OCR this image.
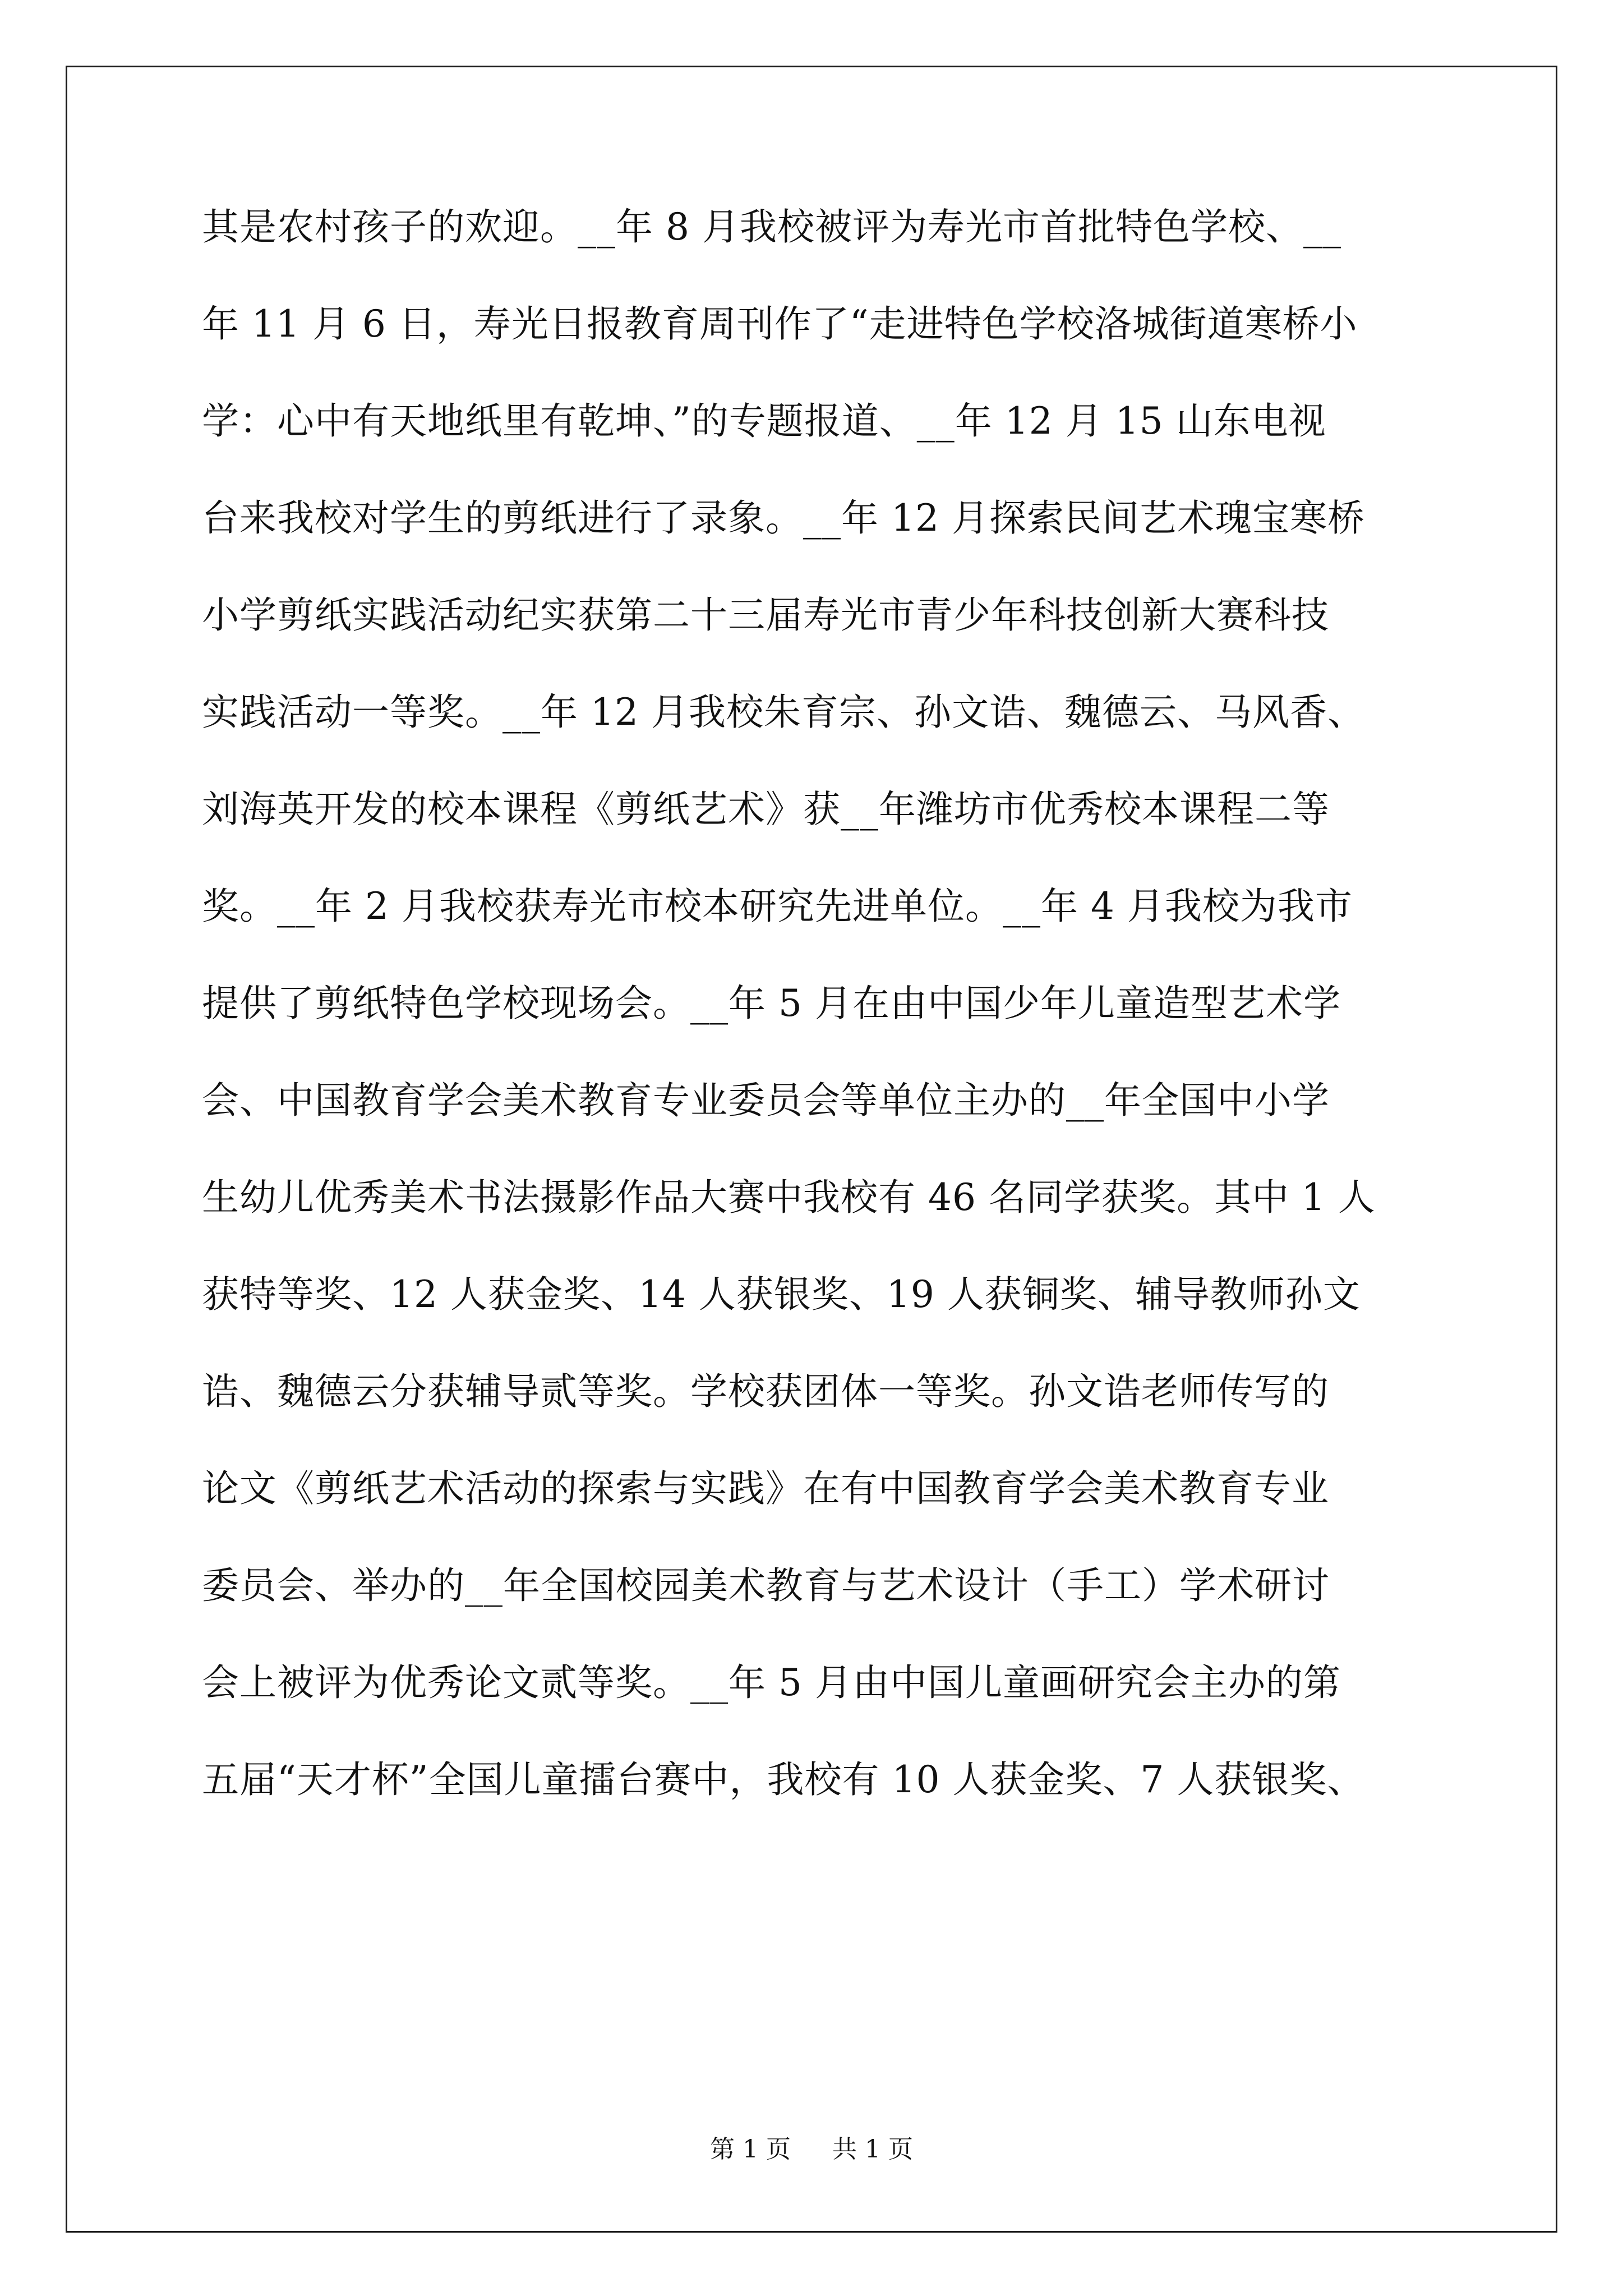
其是农村孩子的欢迎。__年 8 月我校被评为寿光市首批特色学校、__
年 11 月 6 日，寿光日报教育周刊作了“走进特色学校洛城街道寒桥小
学：心中有天地纸里有乾坤、”的专题报道、__年 12 月 15 山东电视
台来我校对学生的剪纸进行了录象。__年 12 月探索民间艺术瑰宝寒桥
小学剪纸实践活动纪实获第二十三届寿光市青少年科技创新大赛科技
实践活动一等奖。__年 12 月我校朱育宗、孙文诰、魏德云、马风香、
刘海英开发的校本课程《剪纸艺术》获__年潍坊市优秀校本课程二等
奖。__年 2 月我校获寿光市校本研究先进单位。__年 4 月我校为我市
提供了剪纸特色学校现场会。__年 5 月在由中国少年儿童造型艺术学
会、中国教育学会美术教育专业委员会等单位主办的__年全国中小学
生幼儿优秀美术书法摄影作品大赛中我校有 46 名同学获奖。其中 1 人
获特等奖、12 人获金奖、14 人获银奖、19 人获铜奖、辅导教师孙文
诰、魏德云分获辅导贰等奖。学校获团体一等奖。孙文诰老师传写的
论文《剪纸艺术活动的探索与实践》在有中国教育学会美术教育专业
委员会、举办的__年全国校园美术教育与艺术设计（手工）学术研讨
会上被评为优秀论文贰等奖。__年 5 月由中国儿童画研究会主办的第
五届“天才杯”全国儿童擂台赛中，我校有 10 人获金奖、7 人获银奖、
第 1 页 共 1 页
